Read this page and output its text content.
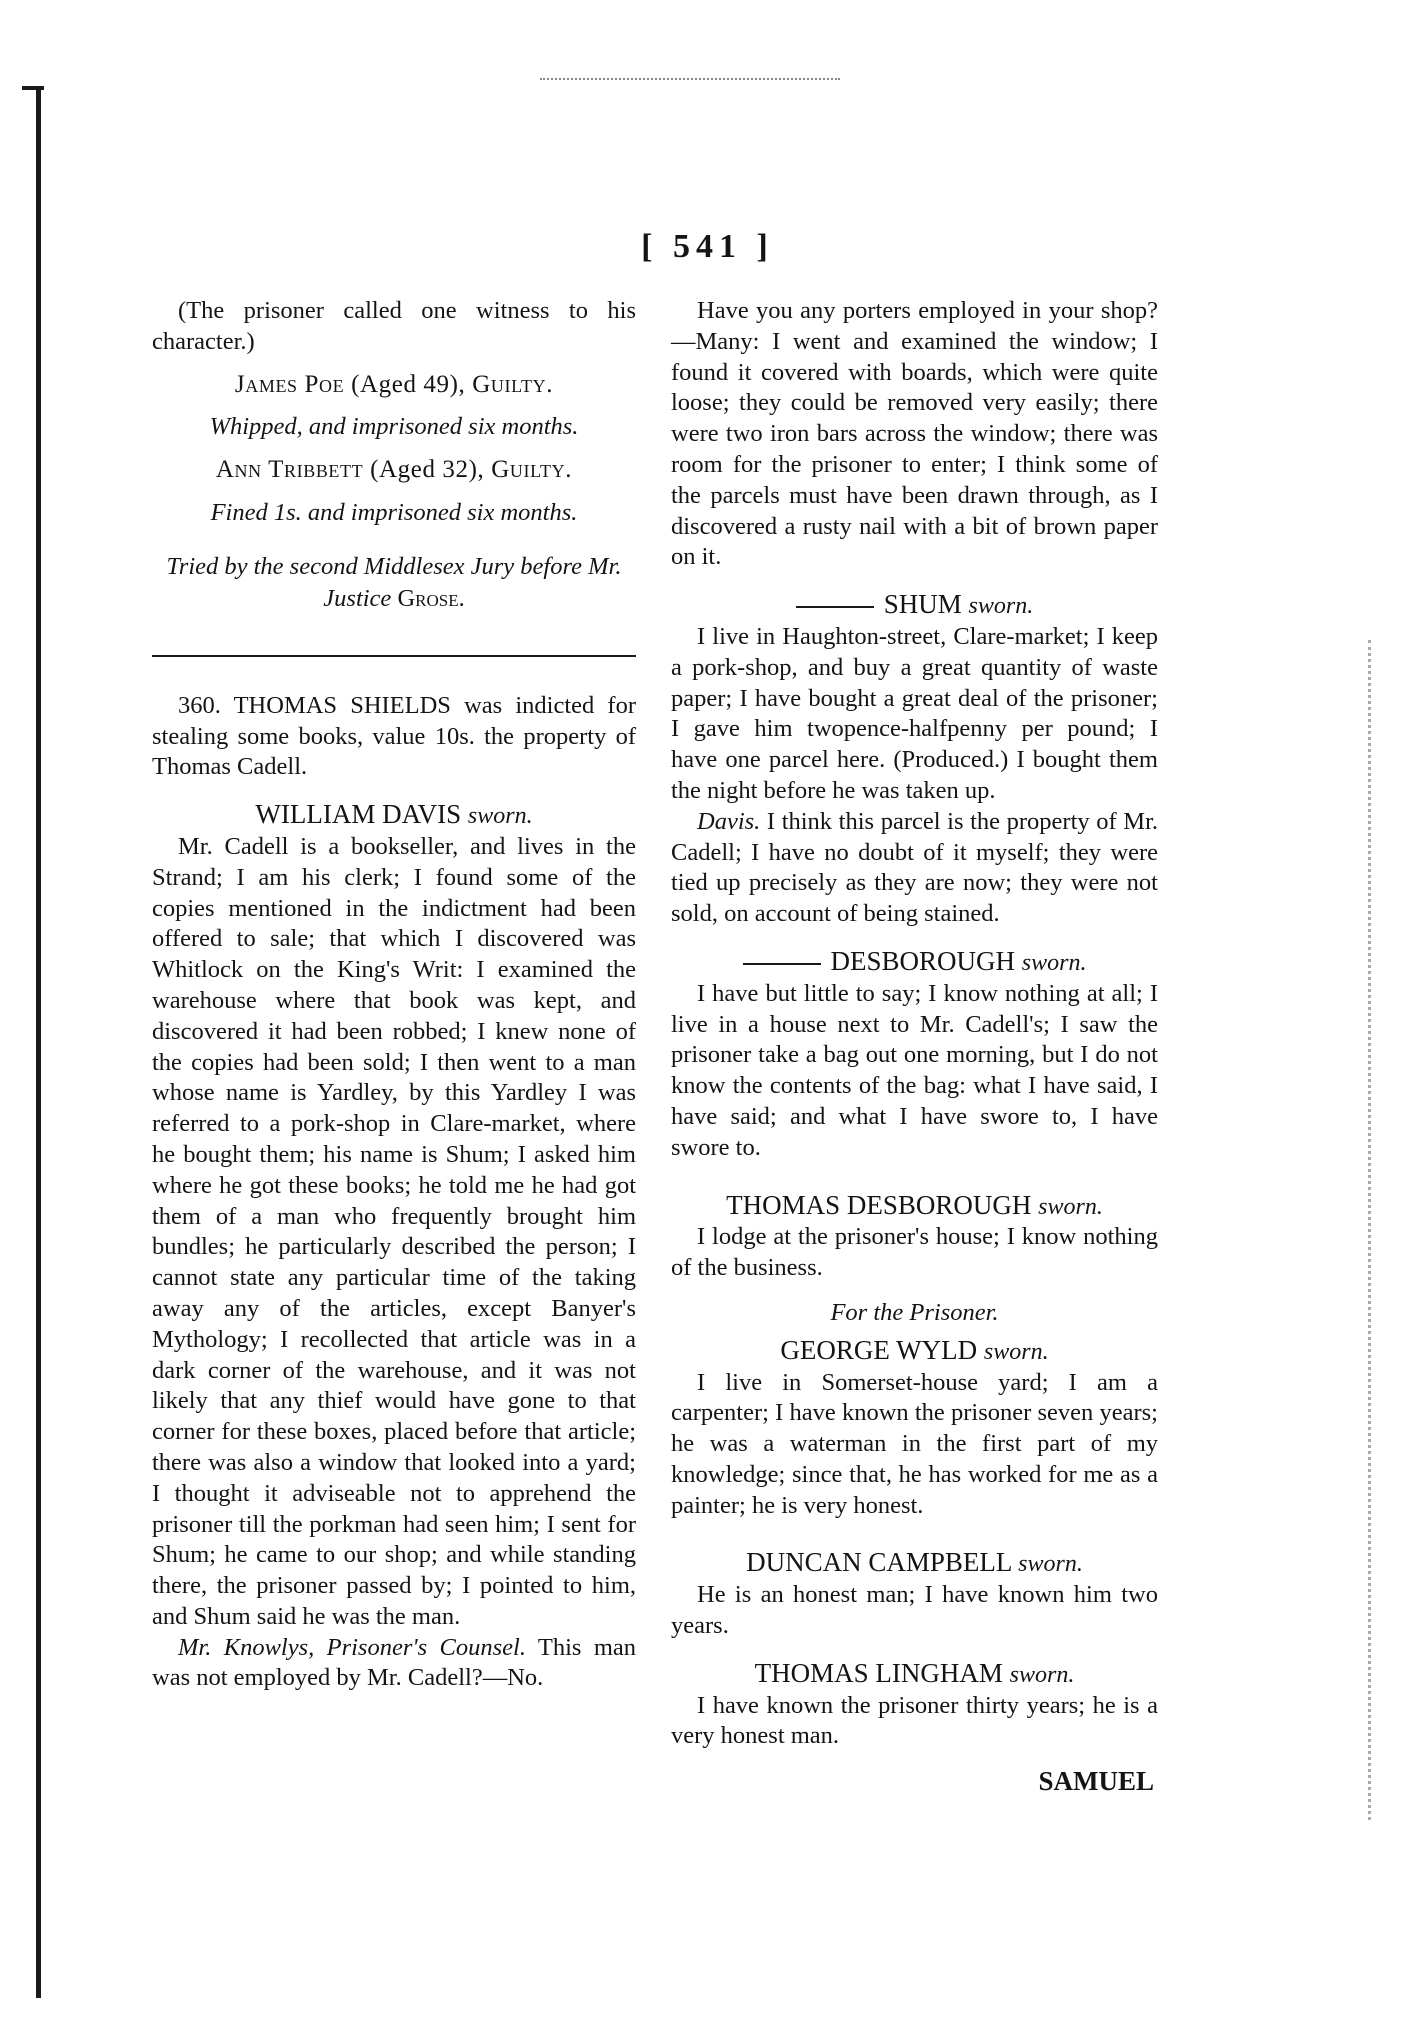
[ 541 ]

(The prisoner called one witness to his character.)

James Poe (Aged 49), Guilty.

Whipped, and imprisoned six months.

Ann Tribbett (Aged 32), Guilty.

Fined 1s. and imprisoned six months.

Tried by the second Middlesex Jury before Mr. Justice Grose.

360. THOMAS SHIELDS was indicted for stealing some books, value 10s. the property of Thomas Cadell.

WILLIAM DAVIS sworn.

Mr. Cadell is a bookseller, and lives in the Strand; I am his clerk; I found some of the copies mentioned in the indictment had been offered to sale; that which I discovered was Whitlock on the King's Writ: I examined the warehouse where that book was kept, and discovered it had been robbed; I knew none of the copies had been sold; I then went to a man whose name is Yardley, by this Yardley I was referred to a pork-shop in Clare-market, where he bought them; his name is Shum; I asked him where he got these books; he told me he had got them of a man who frequently brought him bundles; he particularly described the person; I cannot state any particular time of the taking away any of the articles, except Banyer's Mythology; I recollected that article was in a dark corner of the warehouse, and it was not likely that any thief would have gone to that corner for these boxes, placed before that article; there was also a window that looked into a yard; I thought it adviseable not to apprehend the prisoner till the porkman had seen him; I sent for Shum; he came to our shop; and while standing there, the prisoner passed by; I pointed to him, and Shum said he was the man.

Mr. Knowlys, Prisoner's Counsel. This man was not employed by Mr. Cadell?—No.

Have you any porters employed in your shop?—Many: I went and examined the window; I found it covered with boards, which were quite loose; they could be removed very easily; there were two iron bars across the window; there was room for the prisoner to enter; I think some of the parcels must have been drawn through, as I discovered a rusty nail with a bit of brown paper on it.

SHUM sworn.

I live in Haughton-street, Clare-market; I keep a pork-shop, and buy a great quantity of waste paper; I have bought a great deal of the prisoner; I gave him twopence-halfpenny per pound; I have one parcel here. (Produced.) I bought them the night before he was taken up.

Davis. I think this parcel is the property of Mr. Cadell; I have no doubt of it myself; they were tied up precisely as they are now; they were not sold, on account of being stained.

DESBOROUGH sworn.

I have but little to say; I know nothing at all; I live in a house next to Mr. Cadell's; I saw the prisoner take a bag out one morning, but I do not know the contents of the bag: what I have said, I have said; and what I have swore to, I have swore to.

THOMAS DESBOROUGH sworn.

I lodge at the prisoner's house; I know nothing of the business.

For the Prisoner.

GEORGE WYLD sworn.

I live in Somerset-house yard; I am a carpenter; I have known the prisoner seven years; he was a waterman in the first part of my knowledge; since that, he has worked for me as a painter; he is very honest.

DUNCAN CAMPBELL sworn.

He is an honest man; I have known him two years.

THOMAS LINGHAM sworn.

I have known the prisoner thirty years; he is a very honest man.

SAMUEL
